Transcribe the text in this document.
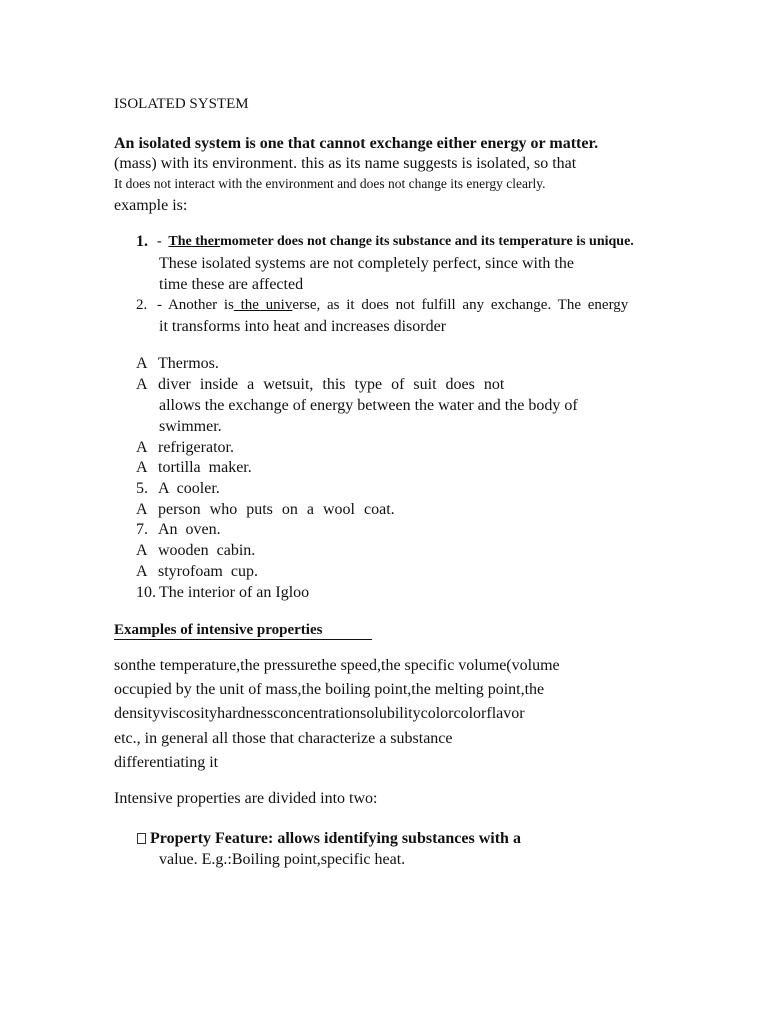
ISOLATED SYSTEM
An isolated system is one that cannot exchange either energy or matter.
(mass) with its environment. this as its name suggests is isolated, so that
It does not interact with the environment and does not change its energy clearly.
example is:
1. - The thermometer does not change its substance and its temperature is unique.
These isolated systems are not completely perfect, since with the
time these are affected
2. - Another is the universe, as it does not fulfill any exchange. The energy
it transforms into heat and increases disorder
A Thermos.
A diver inside a wetsuit, this type of suit does not
allows the exchange of energy between the water and the body of
swimmer.
A refrigerator.
A tortilla maker.
5. A cooler.
A person who puts on a wool coat.
7. An oven.
A wooden cabin.
A styrofoam cup.
10. The interior of an Igloo
Examples of intensive properties
sonthe temperature,the pressurethe speed,the specific volume(volume
occupied by the unit of mass,the boiling point,the melting point,the
densityviscosityhardnessconcentrationsolubilitycolorcolorflavor
etc., in general all those that characterize a substance
differentiating it
Intensive properties are divided into two:
Property Feature: allows identifying substances with a
value. E.g.:Boiling point,specific heat.
